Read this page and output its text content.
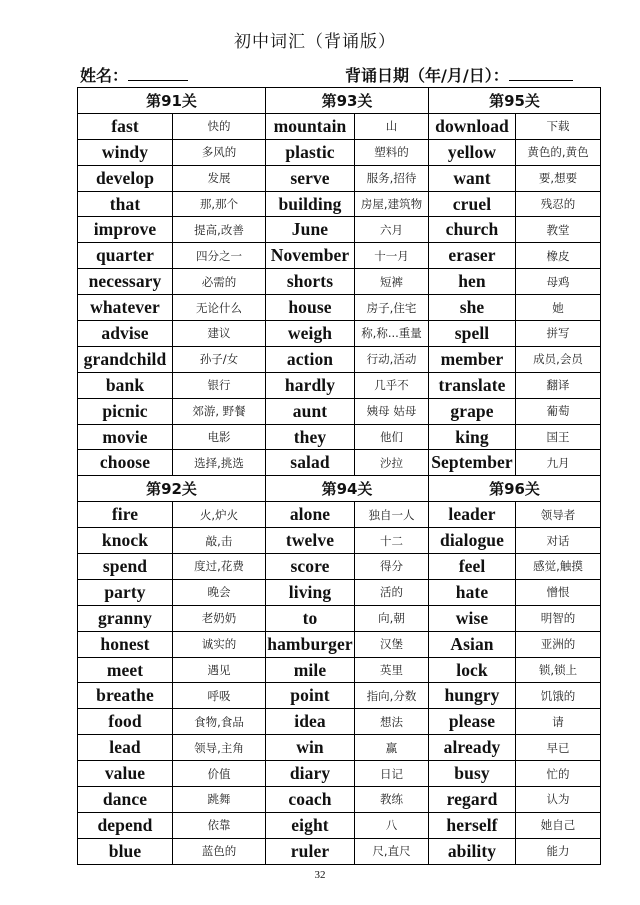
初中词汇（背诵版）
姓名：	背诵日期（年/月/日）：
第91关		第93关		第95关	
fast	快的	mountain	山	download	下载
windy	多风的	plastic	塑料的	yellow	黄色的,黄色
develop	发展	serve	服务,招待	want	要,想要
that	那,那个	building	房屋,建筑物	cruel	残忍的
improve	提高,改善	June	六月	church	教堂
quarter	四分之一	November	十一月	eraser	橡皮
necessary	必需的	shorts	短裤	hen	母鸡
whatever	无论什么	house	房子,住宅	she	她
advise	建议	weigh	称,称...重量	spell	拼写
grandchild	孙子/女	action	行动,活动	member	成员,会员
bank	银行	hardly	几乎不	translate	翻译
picnic	郊游, 野餐	aunt	姨母 姑母	grape	葡萄
movie	电影	they	他们	king	国王
choose	选择,挑选	salad	沙拉	September	九月
第92关		第94关		第96关	
fire	火,炉火	alone	独自一人	leader	领导者
knock	敲,击	twelve	十二	dialogue	对话
spend	度过,花费	score	得分	feel	感觉,触摸
party	晚会	living	活的	hate	憎恨
granny	老奶奶	to	向,朝	wise	明智的
honest	诚实的	hamburger	汉堡	Asian	亚洲的
meet	遇见	mile	英里	lock	锁,锁上
breathe	呼吸	point	指向,分数	hungry	饥饿的
food	食物,食品	idea	想法	please	请
lead	领导,主角	win	赢	already	早已
value	价值	diary	日记	busy	忙的
dance	跳舞	coach	教练	regard	认为
depend	依靠	eight	八	herself	她自己
blue	蓝色的	ruler	尺,直尺	ability	能力
32
